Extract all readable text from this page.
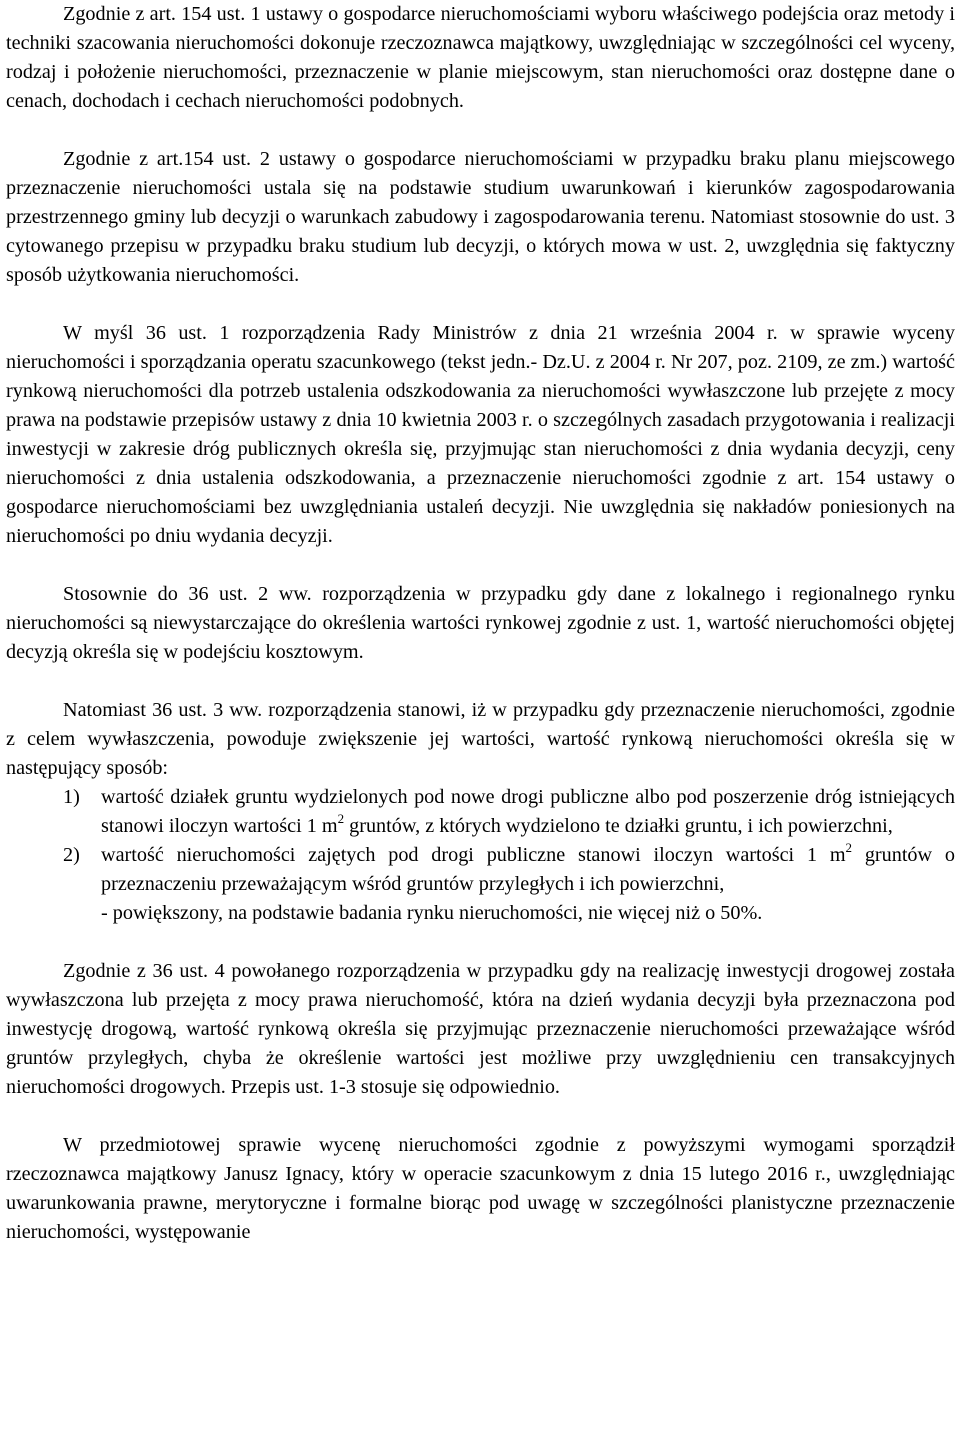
Zgodnie z art. 154 ust. 1 ustawy o gospodarce nieruchomościami wyboru właściwego podejścia oraz metody i techniki szacowania nieruchomości dokonuje rzeczoznawca majątkowy, uwzględniając w szczególności cel wyceny, rodzaj i położenie nieruchomości, przeznaczenie w planie miejscowym, stan nieruchomości oraz dostępne dane o cenach, dochodach i cechach nieruchomości podobnych.

Zgodnie z art.154 ust. 2 ustawy o gospodarce nieruchomościami w przypadku braku planu miejscowego przeznaczenie nieruchomości ustala się na podstawie studium uwarunkowań i kierunków zagospodarowania przestrzennego gminy lub decyzji o warunkach zabudowy i zagospodarowania terenu. Natomiast stosownie do ust. 3 cytowanego przepisu w przypadku braku studium lub decyzji, o których mowa w ust. 2, uwzględnia się faktyczny sposób użytkowania nieruchomości.

W myśl 36 ust. 1 rozporządzenia Rady Ministrów z dnia 21 września 2004 r. w sprawie wyceny nieruchomości i sporządzania operatu szacunkowego (tekst jedn.- Dz.U. z 2004 r. Nr 207, poz. 2109, ze zm.) wartość rynkową nieruchomości dla potrzeb ustalenia odszkodowania za nieruchomości wywłaszczone lub przejęte z mocy prawa na podstawie przepisów ustawy z dnia 10 kwietnia 2003 r. o szczególnych zasadach przygotowania i realizacji inwestycji w zakresie dróg publicznych określa się, przyjmując stan nieruchomości z dnia wydania decyzji, ceny nieruchomości z dnia ustalenia odszkodowania, a przeznaczenie nieruchomości zgodnie z art. 154 ustawy o gospodarce nieruchomościami bez uwzględniania ustaleń decyzji. Nie uwzględnia się nakładów poniesionych na nieruchomości po dniu wydania decyzji.

Stosownie do 36 ust. 2 ww. rozporządzenia w przypadku gdy dane z lokalnego i regionalnego rynku nieruchomości są niewystarczające do określenia wartości rynkowej zgodnie z ust. 1, wartość nieruchomości objętej decyzją określa się w podejściu kosztowym.

Natomiast 36 ust. 3 ww. rozporządzenia stanowi, iż w przypadku gdy przeznaczenie nieruchomości, zgodnie z celem wywłaszczenia, powoduje zwiększenie jej wartości, wartość rynkową nieruchomości określa się w następujący sposób:

1)	wartość działek gruntu wydzielonych pod nowe drogi publiczne albo pod poszerzenie dróg istniejących stanowi iloczyn wartości 1 $m^2$ gruntów, z których wydzielono te działki gruntu, i ich powierzchni,
2)	wartość nieruchomości zajętych pod drogi publiczne stanowi iloczyn wartości 1 $m^2$ gruntów o przeznaczeniu przeważającym wśród gruntów przyległych i ich powierzchni,

- powiększony, na podstawie badania rynku nieruchomości, nie więcej niż o 50%.

Zgodnie z 36 ust. 4 powołanego rozporządzenia w przypadku gdy na realizację inwestycji drogowej została wywłaszczona lub przejęta z mocy prawa nieruchomość, która na dzień wydania decyzji była przeznaczona pod inwestycję drogową, wartość rynkową określa się przyjmując przeznaczenie nieruchomości przeważające wśród gruntów przyległych, chyba że określenie wartości jest możliwe przy uwzględnieniu cen transakcyjnych nieruchomości drogowych. Przepis ust. 1-3 stosuje się odpowiednio.

W przedmiotowej sprawie wycenę nieruchomości zgodnie z powyższymi wymogami sporządził rzeczoznawca majątkowy Janusz Ignacy, który w operacie szacunkowym z dnia 15 lutego 2016 r., uwzględniając uwarunkowania prawne, merytoryczne i formalne biorąc pod uwagę w szczególności planistyczne przeznaczenie nieruchomości, występowanie
